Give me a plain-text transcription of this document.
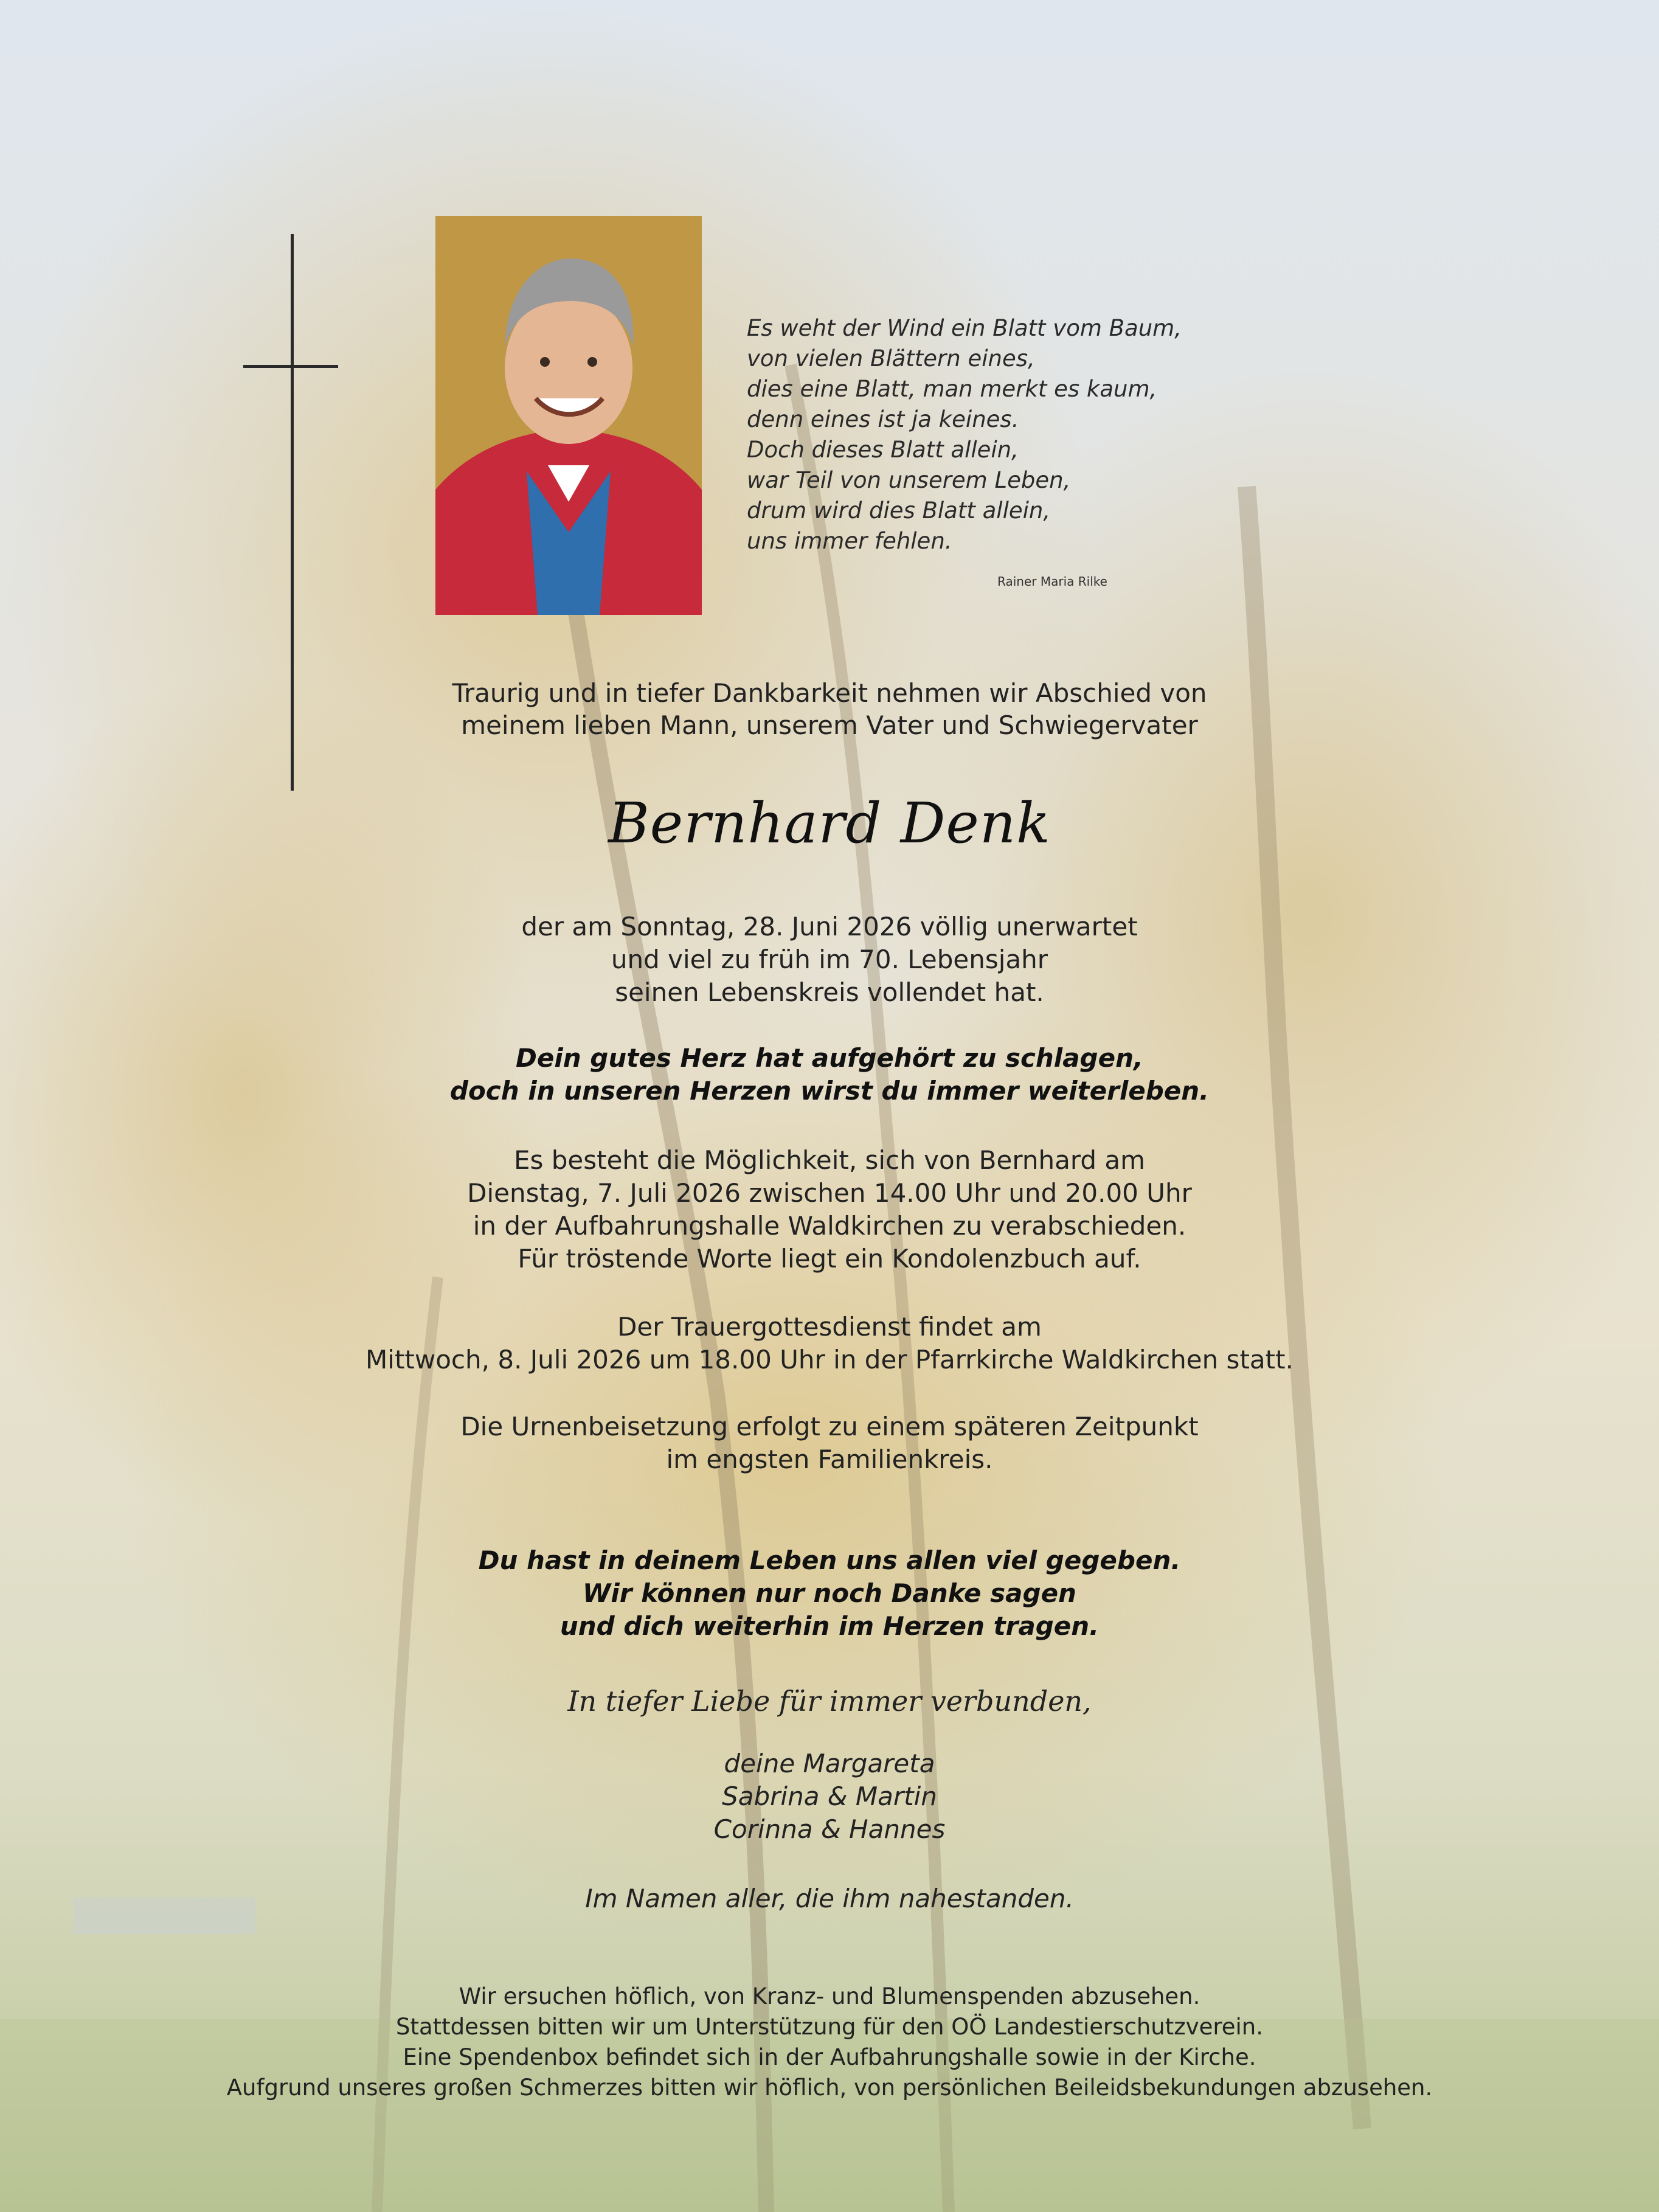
Es weht der Wind ein Blatt vom Baum,
von vielen Blättern eines,
dies eine Blatt, man merkt es kaum,
denn eines ist ja keines.
Doch dieses Blatt allein,
war Teil von unserem Leben,
drum wird dies Blatt allein,
uns immer fehlen.
Rainer Maria Rilke
Traurig und in tiefer Dankbarkeit nehmen wir Abschied von
meinem lieben Mann, unserem Vater und Schwiegervater
Bernhard Denk
der am Sonntag, 28. Juni 2026 völlig unerwartet
und viel zu früh im 70. Lebensjahr
seinen Lebenskreis vollendet hat.
Dein gutes Herz hat aufgehört zu schlagen,
doch in unseren Herzen wirst du immer weiterleben.
Es besteht die Möglichkeit, sich von Bernhard am
Dienstag, 7. Juli 2026 zwischen 14.00 Uhr und 20.00 Uhr
in der Aufbahrungshalle Waldkirchen zu verabschieden.
Für tröstende Worte liegt ein Kondolenzbuch auf.
Der Trauergottesdienst findet am
Mittwoch, 8. Juli 2026 um 18.00 Uhr in der Pfarrkirche Waldkirchen statt.
Die Urnenbeisetzung erfolgt zu einem späteren Zeitpunkt
im engsten Familienkreis.
Du hast in deinem Leben uns allen viel gegeben.
Wir können nur noch Danke sagen
und dich weiterhin im Herzen tragen.
In tiefer Liebe für immer verbunden,
deine Margareta
Sabrina & Martin
Corinna & Hannes
Im Namen aller, die ihm nahestanden.
Wir ersuchen höflich, von Kranz- und Blumenspenden abzusehen.
Stattdessen bitten wir um Unterstützung für den OÖ Landestierschutzverein.
Eine Spendenbox befindet sich in der Aufbahrungshalle sowie in der Kirche.
Aufgrund unseres großen Schmerzes bitten wir höflich, von persönlichen Beileidsbekundungen abzusehen.
